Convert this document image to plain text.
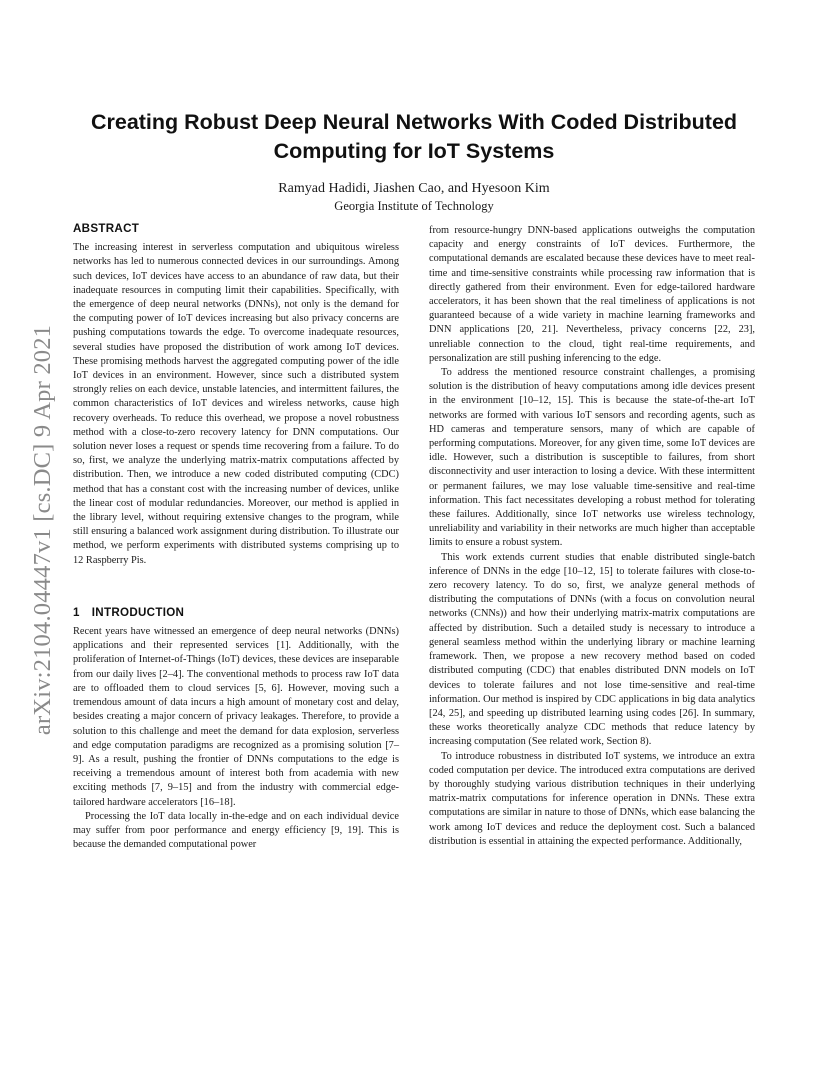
Creating Robust Deep Neural Networks With Coded Distributed Computing for IoT Systems
Ramyad Hadidi, Jiashen Cao, and Hyesoon Kim
Georgia Institute of Technology
arXiv:2104.04447v1 [cs.DC] 9 Apr 2021
ABSTRACT

The increasing interest in serverless computation and ubiquitous wireless networks has led to numerous connected devices in our surroundings. Among such devices, IoT devices have access to an abundance of raw data, but their inadequate resources in computing limit their capabilities. Specifically, with the emergence of deep neural networks (DNNs), not only is the demand for the computing power of IoT devices increasing but also privacy concerns are pushing computations towards the edge. To overcome inadequate resources, several studies have proposed the distribution of work among IoT devices. These promising methods harvest the aggregated computing power of the idle IoT devices in an environment. However, since such a distributed system strongly relies on each device, unstable latencies, and intermittent failures, the common characteristics of IoT devices and wireless networks, cause high recovery overheads. To reduce this overhead, we propose a novel robustness method with a close-to-zero recovery latency for DNN computations. Our solution never loses a request or spends time recovering from a failure. To do so, first, we analyze the underlying matrix-matrix computations affected by distribution. Then, we introduce a new coded distributed computing (CDC) method that has a constant cost with the increasing number of devices, unlike the linear cost of modular redundancies. Moreover, our method is applied in the library level, without requiring extensive changes to the program, while still ensuring a balanced work assignment during distribution. To illustrate our method, we perform experiments with distributed systems comprising up to 12 Raspberry Pis.

1 INTRODUCTION

Recent years have witnessed an emergence of deep neural networks (DNNs) applications and their represented services [1]. Additionally, with the proliferation of Internet-of-Things (IoT) devices, these devices are inseparable from our daily lives [2–4]. The conventional methods to process raw IoT data are to offloaded them to cloud services [5, 6]. However, moving such a tremendous amount of data incurs a high amount of monetary cost and delay, besides creating a major concern of privacy leakages. Therefore, to provide a solution to this challenge and meet the demand for data explosion, serverless and edge computation paradigms are recognized as a promising solution [7–9]. As a result, pushing the frontier of DNNs computations to the edge is receiving a tremendous amount of interest both from academia with new exciting methods [7, 9–15] and from the industry with commercial edge-tailored hardware accelerators [16–18].

Processing the IoT data locally in-the-edge and on each individual device may suffer from poor performance and energy efficiency [9, 19]. This is because the demanded computational power

from resource-hungry DNN-based applications outweighs the computation capacity and energy constraints of IoT devices. Furthermore, the computational demands are escalated because these devices have to meet real-time and time-sensitive constraints while processing raw information that is directly gathered from their environment. Even for edge-tailored hardware accelerators, it has been shown that the real timeliness of applications is not guaranteed because of a wide variety in machine learning frameworks and DNN applications [20, 21]. Nevertheless, privacy concerns [22, 23], unreliable connection to the cloud, tight real-time requirements, and personalization are still pushing inferencing to the edge.

To address the mentioned resource constraint challenges, a promising solution is the distribution of heavy computations among idle devices present in the environment [10–12, 15]. This is because the state-of-the-art IoT networks are formed with various IoT sensors and recording agents, such as HD cameras and temperature sensors, many of which are capable of performing computations. Moreover, for any given time, some IoT devices are idle. However, such a distribution is susceptible to failures, from short disconnectivity and user interaction to losing a device. With these intermittent or permanent failures, we may lose valuable time-sensitive and real-time information. This fact necessitates developing a robust method for tolerating these failures. Additionally, since IoT networks use wireless technology, unreliability and variability in their networks are much higher than acceptable limits to ensure a robust system.

This work extends current studies that enable distributed single-batch inference of DNNs in the edge [10–12, 15] to tolerate failures with close-to-zero recovery latency. To do so, first, we analyze general methods of distributing the computations of DNNs (with a focus on convolution neural networks (CNNs)) and how their underlying matrix-matrix computations are affected by distribution. Such a detailed study is necessary to introduce a general seamless method within the underlying library or machine learning framework. Then, we propose a new recovery method based on coded distributed computing (CDC) that enables distributed DNN models on IoT devices to tolerate failures and not lose time-sensitive and real-time information. Our method is inspired by CDC applications in big data analytics [24, 25], and speeding up distributed learning using codes [26]. In summary, these works theoretically analyze CDC methods that reduce latency by increasing computation (See related work, Section 8).

To introduce robustness in distributed IoT systems, we introduce an extra coded computation per device. The introduced extra computations are derived by thoroughly studying various distribution techniques in their underlying matrix-matrix computations for inference operation in DNNs. These extra computations are similar in nature to those of DNNs, which ease balancing the work among IoT devices and reduce the deployment cost. Such a balanced distribution is essential in attaining the expected performance. Additionally,
